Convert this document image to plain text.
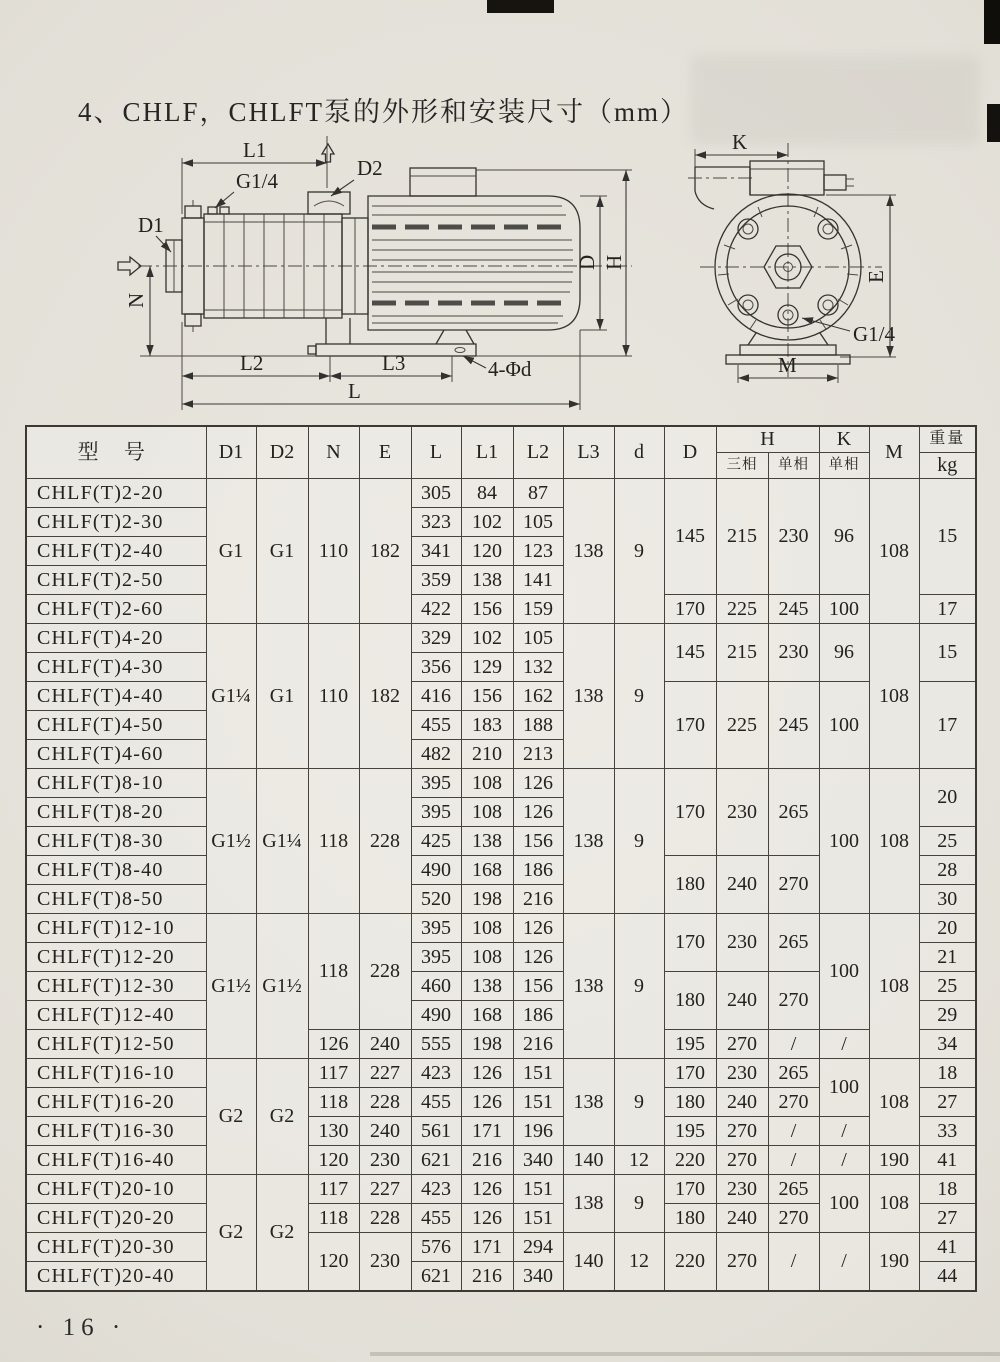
4、CHLF，CHLFT泵的外形和安装尺寸（mm）
L1
G1/4
D2
D1
N
D H
L2	L3	4-Φd
L
K
G1/4
E
M
型 号	D1	D2	N	E	L	L1	L2	L3	d	D	H		K	M	重量
											三相	单相	单相		kg
CHLF(T)2-20	G1	G1	110	182	305	84	87	138	9	145	215	230	96	108	15
CHLF(T)2-30					323	102	105								
CHLF(T)2-40					341	120	123								
CHLF(T)2-50					359	138	141								
CHLF(T)2-60					422	156	159			170	225	245	100		17
CHLF(T)4-20	G1¼	G1	110	182	329	102	105	138	9	145	215	230	96	108	15
CHLF(T)4-30					356	129	132								
CHLF(T)4-40					416	156	162			170	225	245	100		17
CHLF(T)4-50					455	183	188								
CHLF(T)4-60					482	210	213								
CHLF(T)8-10	G1½	G1¼	118	228	395	108	126	138	9	170	230	265	100	108	20
CHLF(T)8-20					395	108	126								
CHLF(T)8-30					425	138	156								25
CHLF(T)8-40					490	168	186			180	240	270			28
CHLF(T)8-50					520	198	216								30
CHLF(T)12-10	G1½	G1½	118	228	395	108	126	138	9	170	230	265	100	108	20
CHLF(T)12-20					395	108	126								21
CHLF(T)12-30					460	138	156			180	240	270			25
CHLF(T)12-40					490	168	186								29
CHLF(T)12-50			126	240	555	198	216			195	270	/	/		34
CHLF(T)16-10	G2	G2	117	227	423	126	151	138	9	170	230	265	100	108	18
CHLF(T)16-20			118	228	455	126	151			180	240	270			27
CHLF(T)16-30			130	240	561	171	196			195	270	/	/		33
CHLF(T)16-40			120	230	621	216	340	140	12	220	270	/	/	190	41
CHLF(T)20-10	G2	G2	117	227	423	126	151	138	9	170	230	265	100	108	18
CHLF(T)20-20			118	228	455	126	151			180	240	270			27
CHLF(T)20-30			120	230	576	171	294	140	12	220	270	/	/	190	41
CHLF(T)20-40					621	216	340								44
· 16 ·
